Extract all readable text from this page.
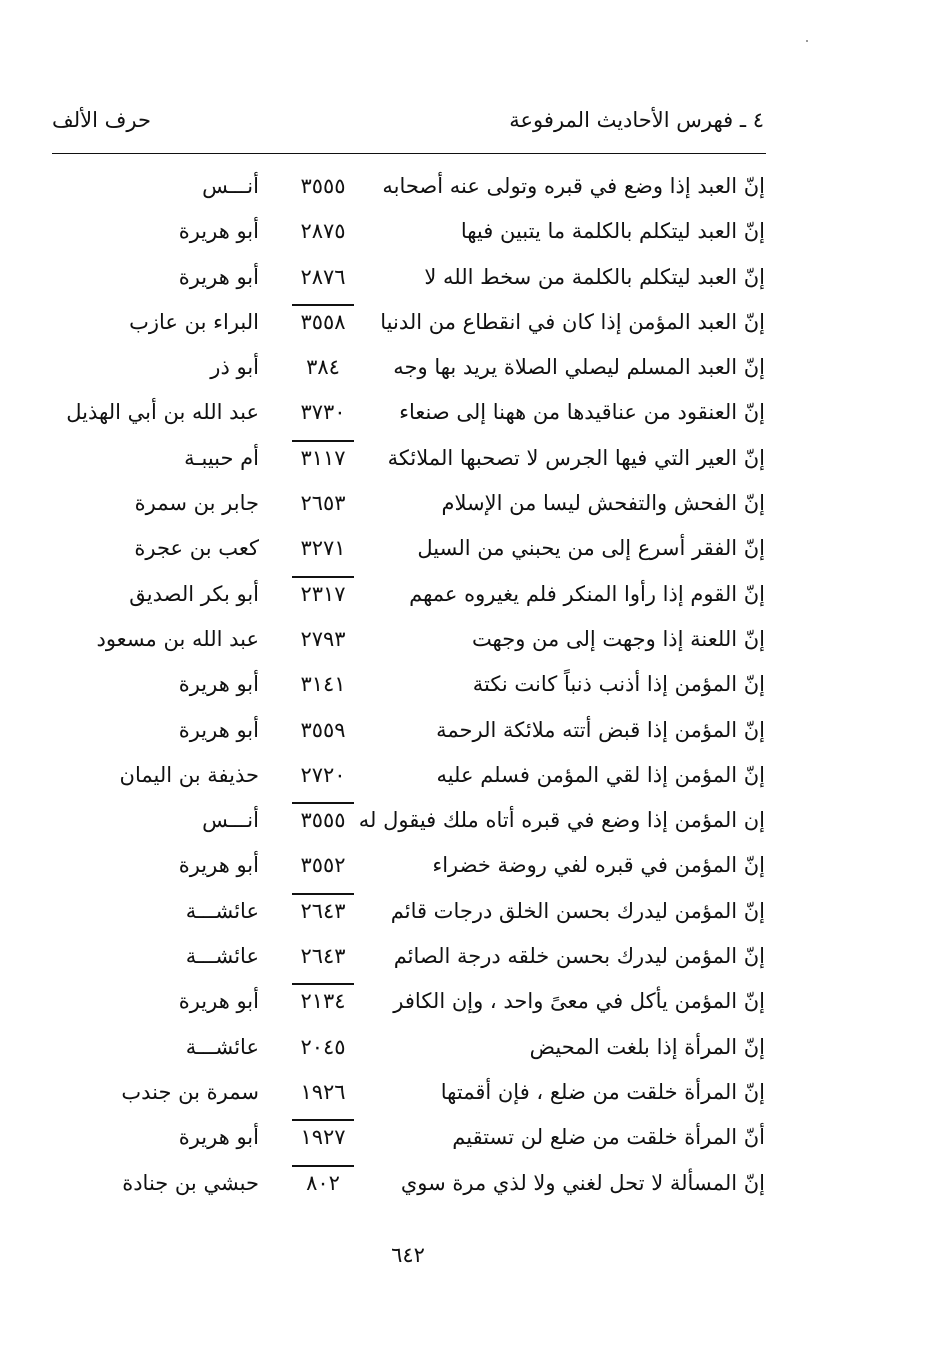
٤ ـ فهرس الأحاديث المرفوعة
حرف الألف
إنّ العبد إذا وضع في قبره وتولى عنه أصحابه
٣٥٥٥
أنـــس
إنّ العبد ليتكلم بالكلمة ما يتبين فيها
٢٨٧٥
أبو هريرة
إنّ العبد ليتكلم بالكلمة من سخط الله لا
٢٨٧٦
أبو هريرة
إنّ العبد المؤمن إذا كان في انقطاع من الدنيا
٣٥٥٨
البراء بن عازب
إنّ العبد المسلم ليصلي الصلاة يريد بها وجه
٣٨٤
أبو ذر
إنّ العنقود من عناقيدها من ههنا إلى صنعاء
٣٧٣٠
عبد الله بن أبي الهذيل
إنّ العير التي فيها الجرس لا تصحبها الملائكة
٣١١٧
أم حبيبـة
إنّ الفحش والتفحش ليسا من الإسلام
٢٦٥٣
جابر بن سمرة
إنّ الفقر أسرع إلى من يحبني من السيل
٣٢٧١
كعب بن عجرة
إنّ القوم إذا رأوا المنكر فلم يغيروه عمهم
٢٣١٧
أبو بكر الصديق
إنّ اللعنة إذا وجهت إلى من وجهت
٢٧٩٣
عبد الله بن مسعود
إنّ المؤمن إذا أذنب ذنباً كانت نكتة
٣١٤١
أبو هريرة
إنّ المؤمن إذا قبض أتته ملائكة الرحمة
٣٥٥٩
أبو هريرة
إنّ المؤمن إذا لقي المؤمن فسلم عليه
٢٧٢٠
حذيفة بن اليمان
إن المؤمن إذا وضع في قبره أتاه ملك فيقول له
٣٥٥٥
أنـــس
إنّ المؤمن في قبره لفي روضة خضراء
٣٥٥٢
أبو هريرة
إنّ المؤمن ليدرك بحسن الخلق درجات قائم
٢٦٤٣
عائشـــة
إنّ المؤمن ليدرك بحسن خلقه درجة الصائم
٢٦٤٣
عائشـــة
إنّ المؤمن يأكل في معىً واحد ، وإن الكافر
٢١٣٤
أبو هريرة
إنّ المرأة إذا بلغت المحيض
٢٠٤٥
عائشـــة
إنّ المرأة خلقت من ضلع ، فإن أقمتها
١٩٢٦
سمرة بن جندب
أنّ المرأة خلقت من ضلع لن تستقيم
١٩٢٧
أبو هريرة
إنّ المسألة لا تحل لغني ولا لذي مرة سوي
٨٠٢
حبشي بن جنادة
٦٤٢
